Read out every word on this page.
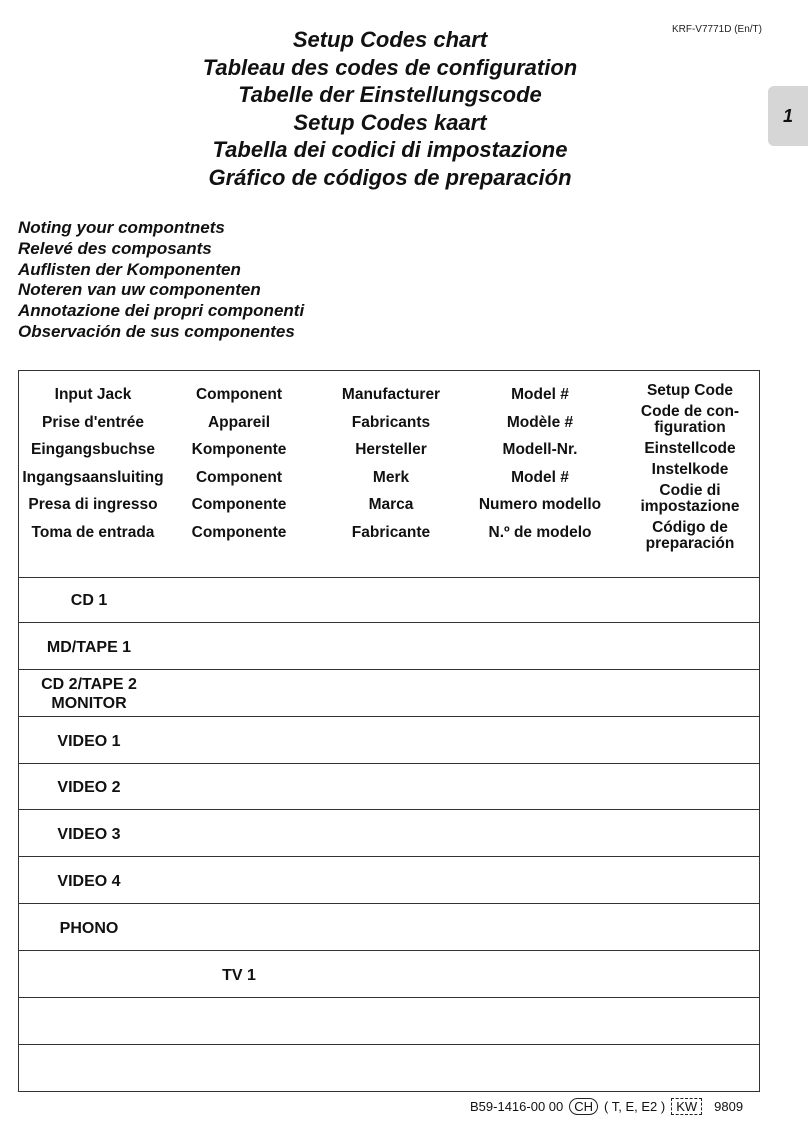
KRF-V7771D (En/T)
1
Setup Codes chart
Tableau des codes de configuration
Tabelle der Einstellungscode
Setup Codes kaart
Tabella dei codici di impostazione
Gráfico de códigos de preparación
Noting your compontnets
Relevé des composants
Auflisten der Komponenten
Noteren van uw componenten
Annotazione dei propri componenti
Observación de sus componentes
Input Jack
Prise d'entrée
Eingangsbuchse
Ingangsaansluiting
Presa di ingresso
Toma de entrada
Component
Appareil
Komponente
Component
Componente
Componente
Manufacturer
Fabricants
Hersteller
Merk
Marca
Fabricante
Model #
Modèle #
Modell-Nr.
Model #
Numero modello
N.º de modelo
Setup Code
Code de con-figuration
Einstellcode
Instelkode
Codie di impostazione
Código de preparación
CD 1
MD/TAPE 1
CD 2/TAPE 2 MONITOR
VIDEO 1
VIDEO 2
VIDEO 3
VIDEO 4
PHONO
TV 1
B59-1416-00 00 CH ( T, E, E2 ) KW	9809
